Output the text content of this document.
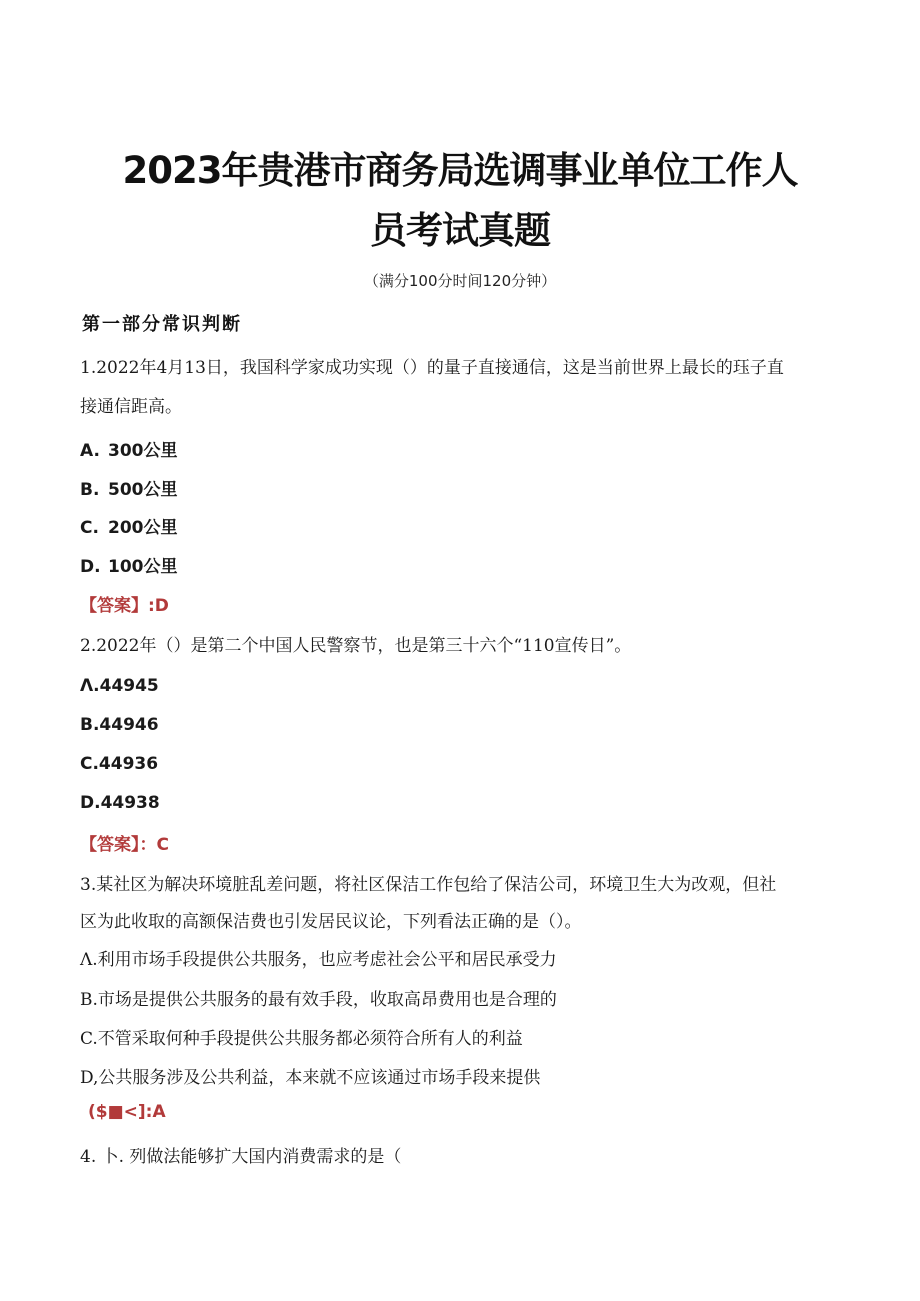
2023年贵港市商务局选调事业单位工作人
员考试真题
（满分100分时间120分钟）
第一部分常识判断
1.2022年4月13日，我国科学家成功实现（）的量子直接通信，这是当前世界上最长的珏子直
接通信距高。
A. 300公里
B. 500公里
C. 200公里
D. 100公里
【答案】:D
2.2022年（）是第二个中国人民警察节，也是第三十六个“110宣传日”。
Λ.44945
B.44946
C.44936
D.44938
【答案】：C
3.某社区为解决环境脏乱差问题，将社区保洁工作包给了保洁公司，环境卫生大为改观，但社
区为此收取的高额保洁费也引发居民议论，下列看法正确的是（）。
Λ.利用市场手段提供公共服务，也应考虑社会公平和居民承受力
B.市场是提供公共服务的最有效手段，收取高昂费用也是合理的
C.不管采取何种手段提供公共服务都必须符合所有人的利益
D,公共服务涉及公共利益，本来就不应该通过市场手段来提供
($■<]:A
4. 卜. 列做法能够扩大国内消费需求的是（
